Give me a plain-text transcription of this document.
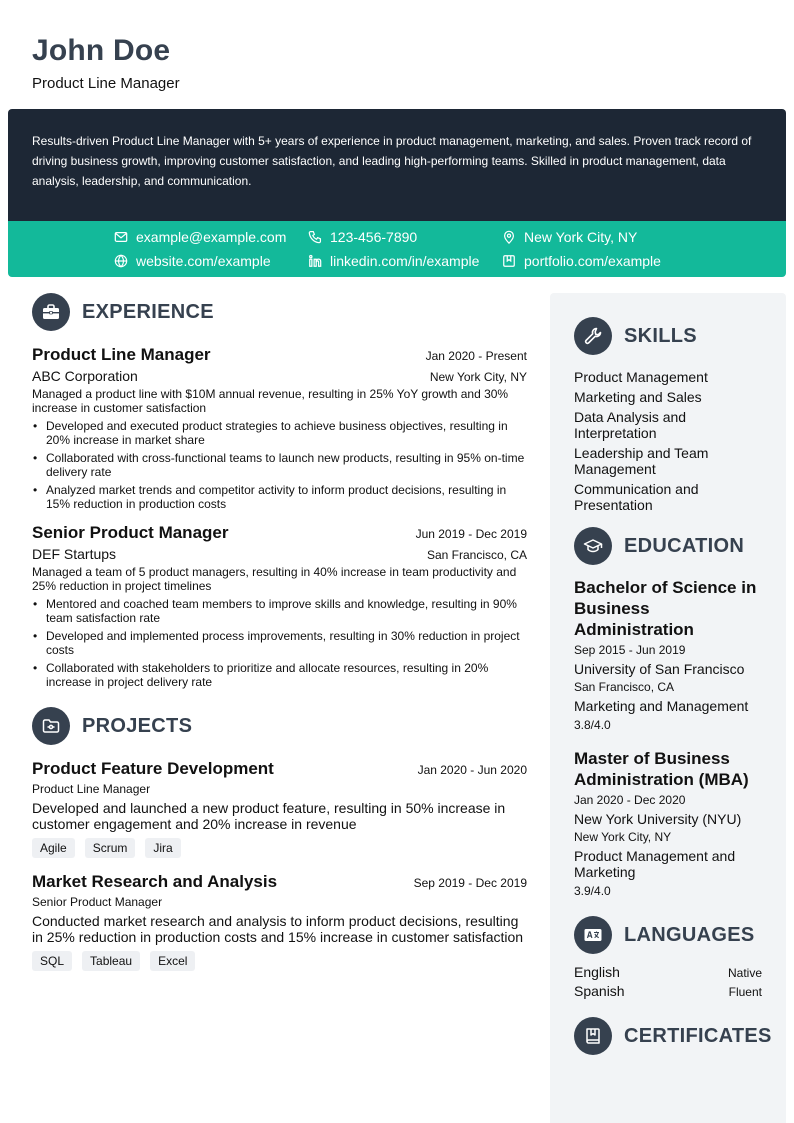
John Doe
Product Line Manager
Results-driven Product Line Manager with 5+ years of experience in product management, marketing, and sales. Proven track record of driving business growth, improving customer satisfaction, and leading high-performing teams. Skilled in product management, data analysis, leadership, and communication.
example@example.com	123-456-7890	New York City, NY
website.com/example	linkedin.com/in/example	portfolio.com/example
EXPERIENCE
Product Line Manager	Jan 2020 - Present
ABC Corporation	New York City, NY
Managed a product line with $10M annual revenue, resulting in 25% YoY growth and 30% increase in customer satisfaction
• Developed and executed product strategies to achieve business objectives, resulting in 20% increase in market share
• Collaborated with cross-functional teams to launch new products, resulting in 95% on-time delivery rate
• Analyzed market trends and competitor activity to inform product decisions, resulting in 15% reduction in production costs
Senior Product Manager	Jun 2019 - Dec 2019
DEF Startups	San Francisco, CA
Managed a team of 5 product managers, resulting in 40% increase in team productivity and 25% reduction in project timelines
• Mentored and coached team members to improve skills and knowledge, resulting in 90% team satisfaction rate
• Developed and implemented process improvements, resulting in 30% reduction in project costs
• Collaborated with stakeholders to prioritize and allocate resources, resulting in 20% increase in project delivery rate
PROJECTS
Product Feature Development	Jan 2020 - Jun 2020
Product Line Manager
Developed and launched a new product feature, resulting in 50% increase in customer engagement and 20% increase in revenue
Agile	Scrum	Jira
Market Research and Analysis	Sep 2019 - Dec 2019
Senior Product Manager
Conducted market research and analysis to inform product decisions, resulting in 25% reduction in production costs and 15% increase in customer satisfaction
SQL	Tableau	Excel
SKILLS
Product Management
Marketing and Sales
Data Analysis and Interpretation
Leadership and Team Management
Communication and Presentation
EDUCATION
Bachelor of Science in Business Administration
Sep 2015 - Jun 2019
University of San Francisco
San Francisco, CA
Marketing and Management
3.8/4.0
Master of Business Administration (MBA)
Jan 2020 - Dec 2020
New York University (NYU)
New York City, NY
Product Management and Marketing
3.9/4.0
LANGUAGES
English	Native
Spanish	Fluent
CERTIFICATES
